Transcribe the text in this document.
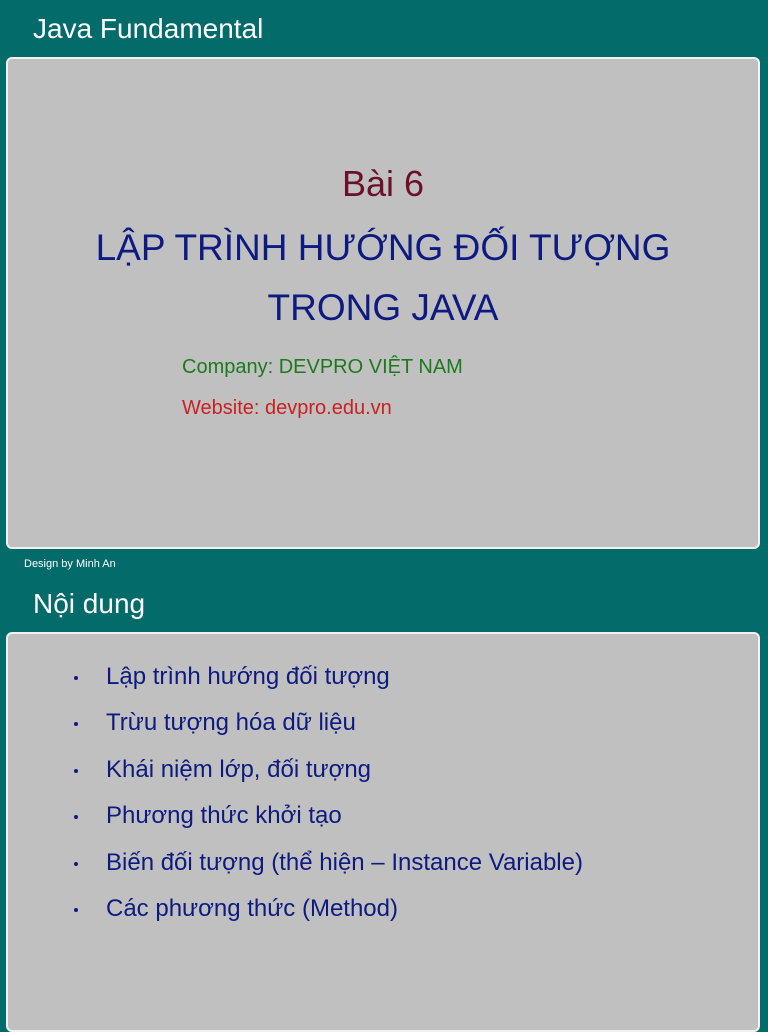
Java Fundamental
Bài 6
LẬP TRÌNH HƯỚNG ĐỐI TƯỢNG
TRONG JAVA
Company: DEVPRO VIỆT NAM
Website: devpro.edu.vn
Design by Minh An
Nội dung
Lập trình hướng đối tượng
Trừu tượng hóa dữ liệu
Khái niệm lớp, đối tượng
Phương thức khởi tạo
Biến đối tượng (thể hiện – Instance Variable)
Các phương thức (Method)
